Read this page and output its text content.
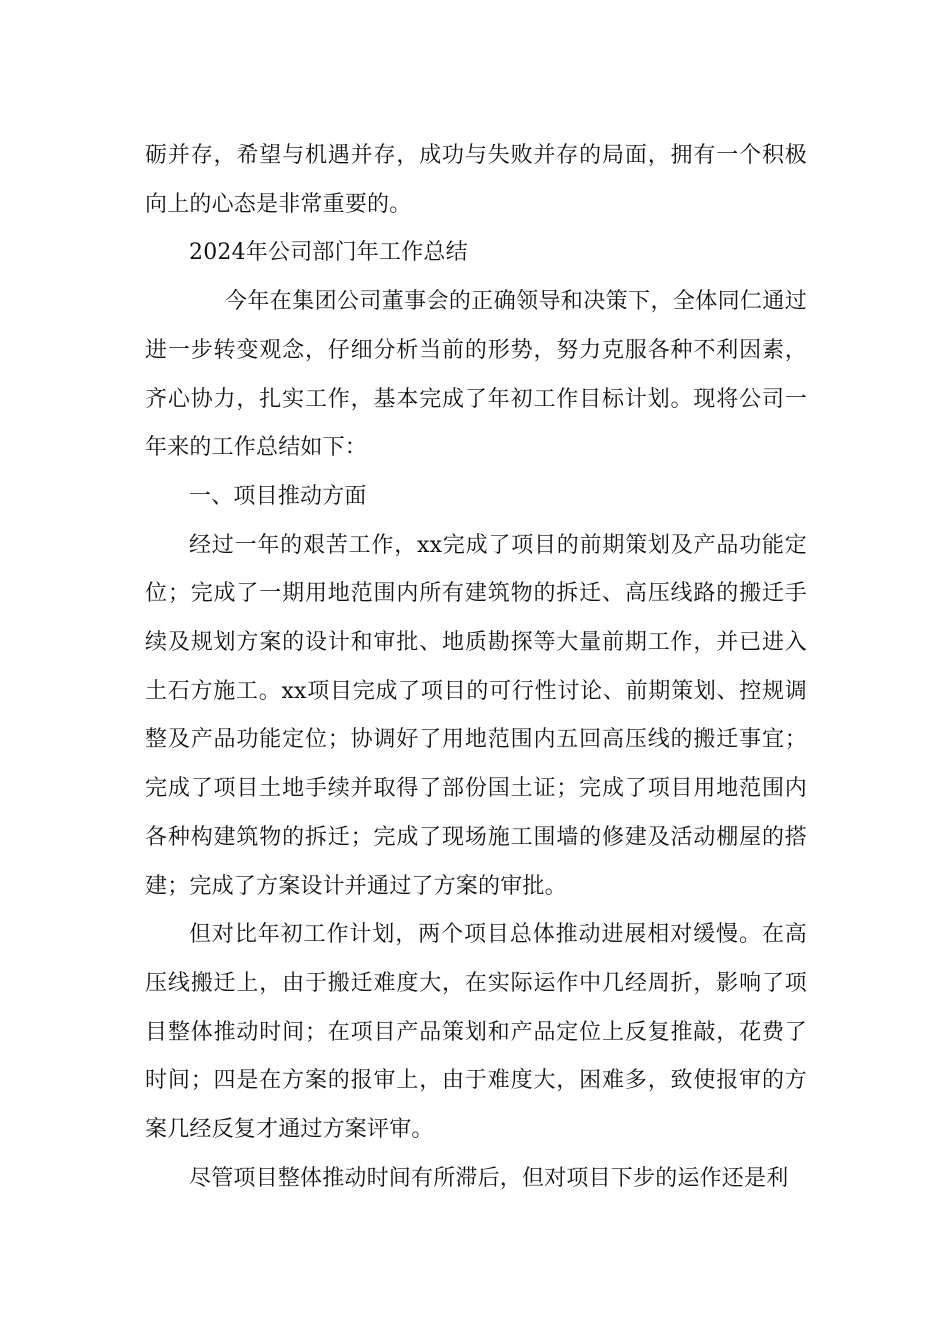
砺并存，希望与机遇并存，成功与失败并存的局面，拥有一个积极向上的心态是非常重要的。

2024年公司部门年工作总结

今年在集团公司董事会的正确领导和决策下，全体同仁通过进一步转变观念，仔细分析当前的形势，努力克服各种不利因素，齐心协力，扎实工作，基本完成了年初工作目标计划。现将公司一年来的工作总结如下：

一、项目推动方面

经过一年的艰苦工作，xx完成了项目的前期策划及产品功能定位；完成了一期用地范围内所有建筑物的拆迁、高压线路的搬迁手续及规划方案的设计和审批、地质勘探等大量前期工作，并已进入土石方施工。xx项目完成了项目的可行性讨论、前期策划、控规调整及产品功能定位；协调好了用地范围内五回高压线的搬迁事宜；完成了项目土地手续并取得了部份国土证；完成了项目用地范围内各种构建筑物的拆迁；完成了现场施工围墙的修建及活动棚屋的搭建；完成了方案设计并通过了方案的审批。

但对比年初工作计划，两个项目总体推动进展相对缓慢。在高压线搬迁上，由于搬迁难度大，在实际运作中几经周折，影响了项目整体推动时间；在项目产品策划和产品定位上反复推敲，花费了时间；四是在方案的报审上，由于难度大，困难多，致使报审的方案几经反复才通过方案评审。

尽管项目整体推动时间有所滞后，但对项目下步的运作还是利
